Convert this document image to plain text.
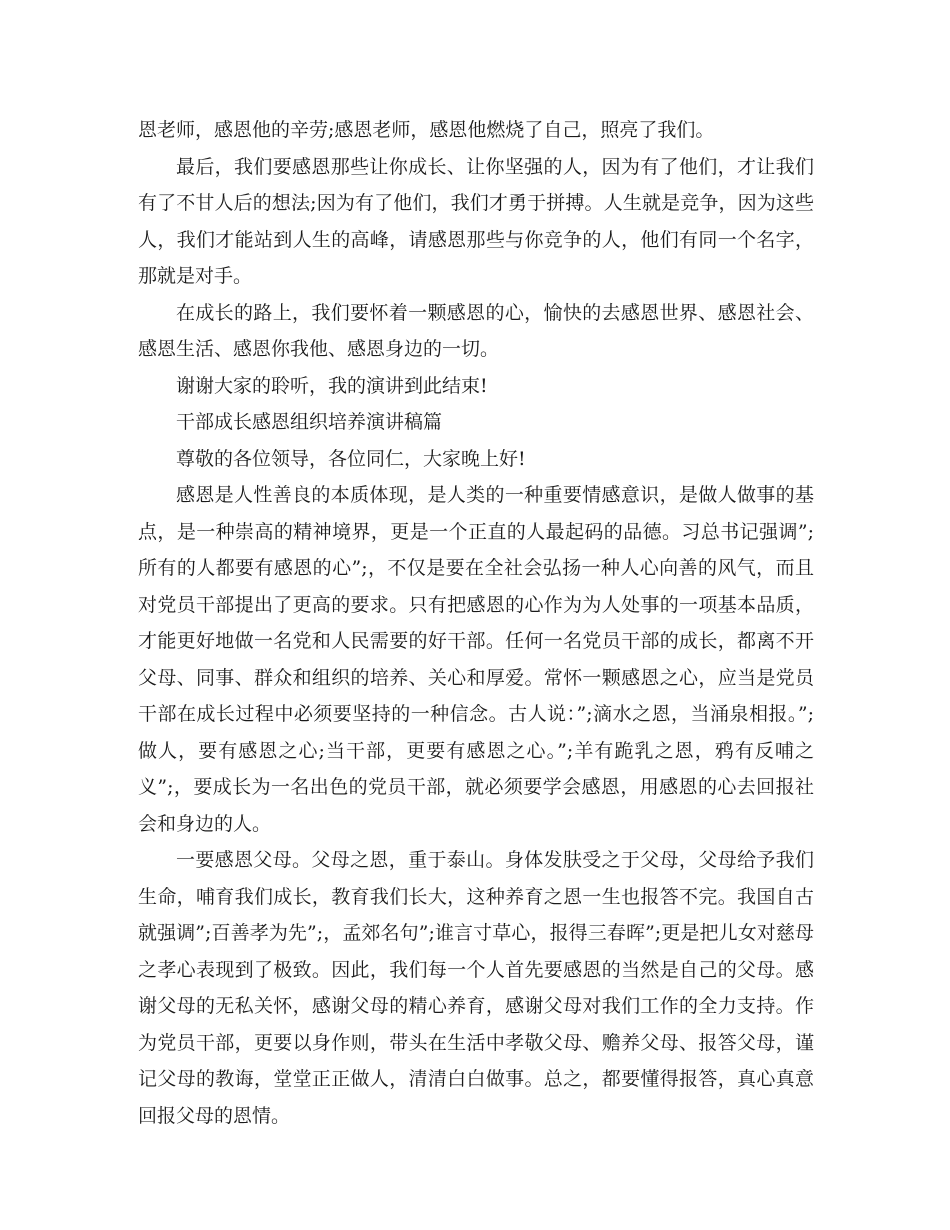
恩老师，感恩他的辛劳;感恩老师，感恩他燃烧了自己，照亮了我们。

最后，我们要感恩那些让你成长、让你坚强的人，因为有了他们，才让我们有了不甘人后的想法;因为有了他们，我们才勇于拼搏。人生就是竞争，因为这些人，我们才能站到人生的高峰，请感恩那些与你竞争的人，他们有同一个名字，那就是对手。

在成长的路上，我们要怀着一颗感恩的心，愉快的去感恩世界、感恩社会、感恩生活、感恩你我他、感恩身边的一切。

谢谢大家的聆听，我的演讲到此结束!

干部成长感恩组织培养演讲稿篇

尊敬的各位领导，各位同仁，大家晚上好!

感恩是人性善良的本质体现，是人类的一种重要情感意识，是做人做事的基点，是一种崇高的精神境界，更是一个正直的人最起码的品德。习总书记强调”;所有的人都要有感恩的心”;，不仅是要在全社会弘扬一种人心向善的风气，而且对党员干部提出了更高的要求。只有把感恩的心作为为人处事的一项基本品质，才能更好地做一名党和人民需要的好干部。任何一名党员干部的成长，都离不开父母、同事、群众和组织的培养、关心和厚爱。常怀一颗感恩之心，应当是党员干部在成长过程中必须要坚持的一种信念。古人说：”;滴水之恩，当涌泉相报。”;做人，要有感恩之心;当干部，更要有感恩之心。”;羊有跪乳之恩，鸦有反哺之义”;，要成长为一名出色的党员干部，就必须要学会感恩，用感恩的心去回报社会和身边的人。

一要感恩父母。父母之恩，重于泰山。身体发肤受之于父母，父母给予我们生命，哺育我们成长，教育我们长大，这种养育之恩一生也报答不完。我国自古就强调”;百善孝为先”;，孟郊名句”;谁言寸草心，报得三春晖”;更是把儿女对慈母之孝心表现到了极致。因此，我们每一个人首先要感恩的当然是自己的父母。感谢父母的无私关怀，感谢父母的精心养育，感谢父母对我们工作的全力支持。作为党员干部，更要以身作则，带头在生活中孝敬父母、赡养父母、报答父母，谨记父母的教诲，堂堂正正做人，清清白白做事。总之，都要懂得报答，真心真意回报父母的恩情。
